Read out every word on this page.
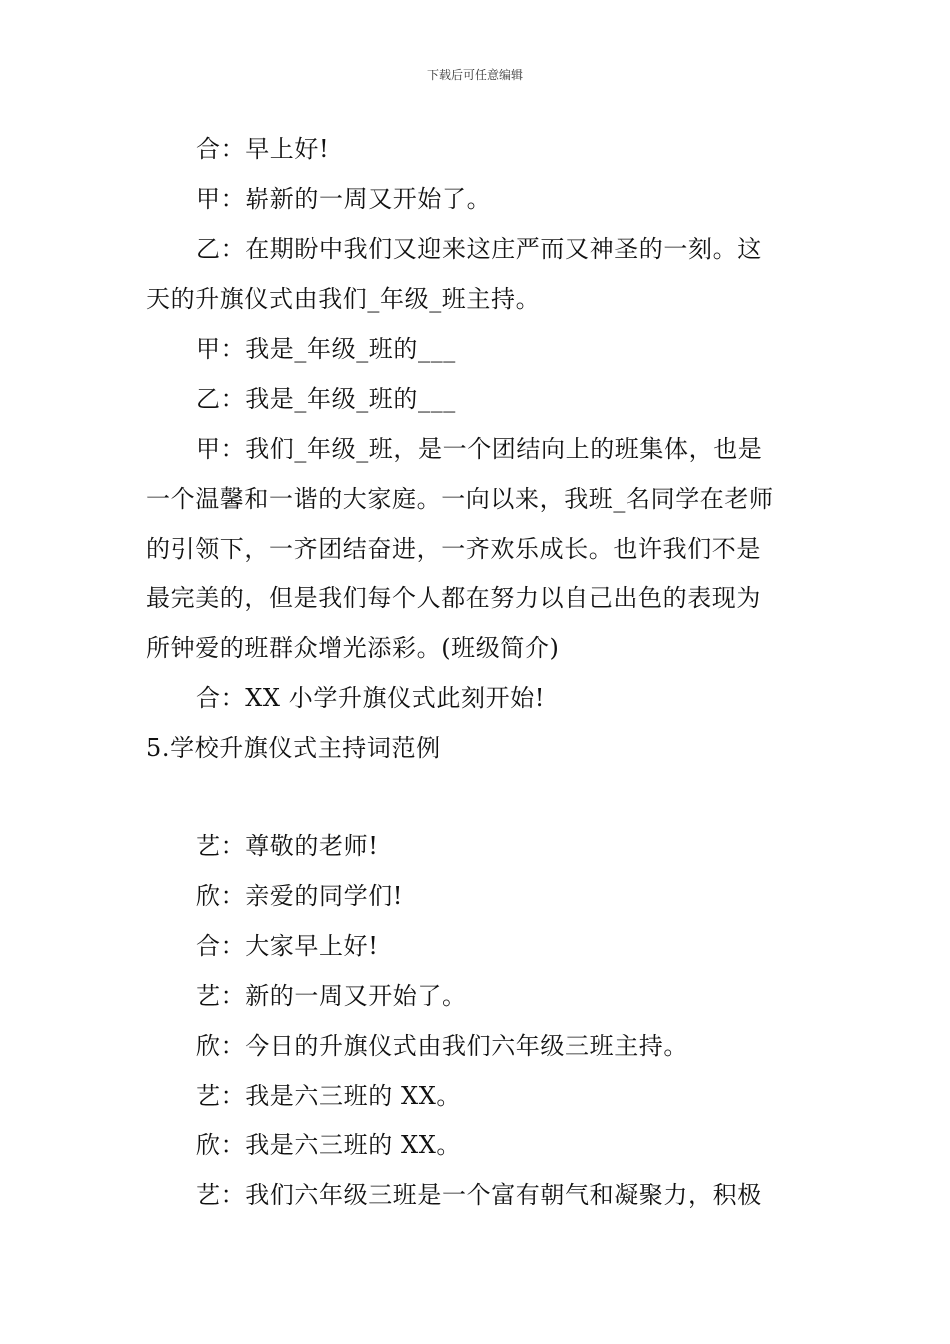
下载后可任意编辑
合：早上好!
甲：崭新的一周又开始了。
乙：在期盼中我们又迎来这庄严而又神圣的一刻。这
天的升旗仪式由我们_年级_班主持。
甲：我是_年级_班的___
乙：我是_年级_班的___
甲：我们_年级_班，是一个团结向上的班集体，也是
一个温馨和一谐的大家庭。一向以来，我班_名同学在老师
的引领下，一齐团结奋进，一齐欢乐成长。也许我们不是
最完美的，但是我们每个人都在努力以自己出色的表现为
所钟爱的班群众增光添彩。(班级简介)
合：XX 小学升旗仪式此刻开始!
5.学校升旗仪式主持词范例
艺：尊敬的老师!
欣：亲爱的同学们!
合：大家早上好!
艺：新的一周又开始了。
欣：今日的升旗仪式由我们六年级三班主持。
艺：我是六三班的 XX。
欣：我是六三班的 XX。
艺：我们六年级三班是一个富有朝气和凝聚力，积极
